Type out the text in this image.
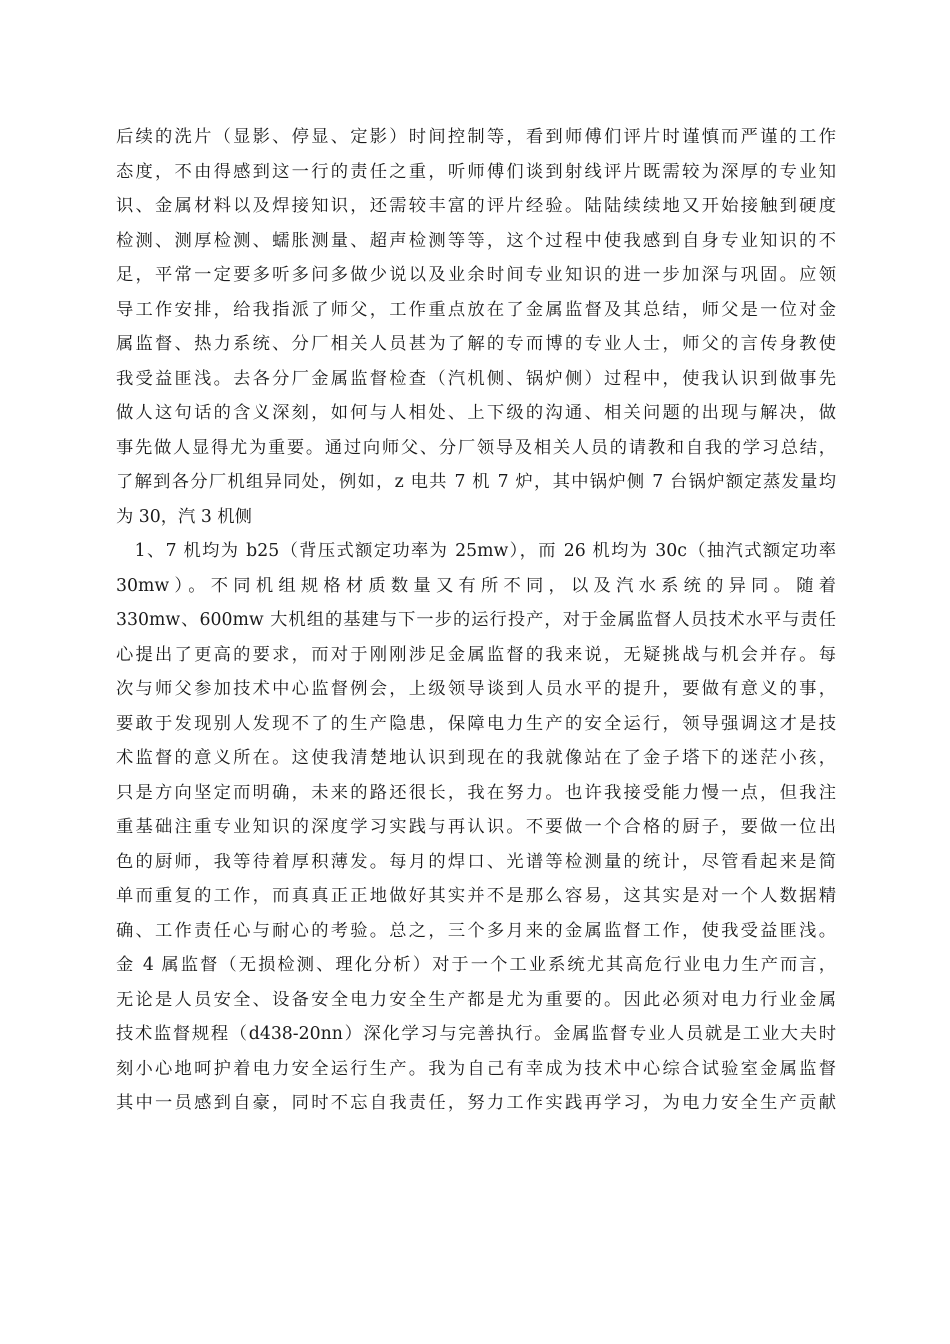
后续的洗片（显影、停显、定影）时间控制等，看到师傅们评片时谨慎而严谨的工作
态度，不由得感到这一行的责任之重，听师傅们谈到射线评片既需较为深厚的专业知
识、金属材料以及焊接知识，还需较丰富的评片经验。陆陆续续地又开始接触到硬度
检测、测厚检测、蠕胀测量、超声检测等等，这个过程中使我感到自身专业知识的不
足，平常一定要多听多问多做少说以及业余时间专业知识的进一步加深与巩固。应领
导工作安排，给我指派了师父，工作重点放在了金属监督及其总结，师父是一位对金
属监督、热力系统、分厂相关人员甚为了解的专而博的专业人士，师父的言传身教使
我受益匪浅。去各分厂金属监督检查（汽机侧、锅炉侧）过程中，使我认识到做事先
做人这句话的含义深刻，如何与人相处、上下级的沟通、相关问题的出现与解决，做
事先做人显得尤为重要。通过向师父、分厂领导及相关人员的请教和自我的学习总结，
了解到各分厂机组异同处，例如，z 电共 7 机 7 炉，其中锅炉侧 7 台锅炉额定蒸发量均
为 30，汽 3 机侧
　1、7 机均为 b25（背压式额定功率为 25mw），而 26 机均为 30c（抽汽式额定功率
30mw）。不同机组规格材质数量又有所不同，以及汽水系统的异同。随着
330mw、600mw 大机组的基建与下一步的运行投产，对于金属监督人员技术水平与责任
心提出了更高的要求，而对于刚刚涉足金属监督的我来说，无疑挑战与机会并存。每
次与师父参加技术中心监督例会，上级领导谈到人员水平的提升，要做有意义的事，
要敢于发现别人发现不了的生产隐患，保障电力生产的安全运行，领导强调这才是技
术监督的意义所在。这使我清楚地认识到现在的我就像站在了金子塔下的迷茫小孩，
只是方向坚定而明确，未来的路还很长，我在努力。也许我接受能力慢一点，但我注
重基础注重专业知识的深度学习实践与再认识。不要做一个合格的厨子，要做一位出
色的厨师，我等待着厚积薄发。每月的焊口、光谱等检测量的统计，尽管看起来是简
单而重复的工作，而真真正正地做好其实并不是那么容易，这其实是对一个人数据精
确、工作责任心与耐心的考验。总之，三个多月来的金属监督工作，使我受益匪浅。
金 4 属监督（无损检测、理化分析）对于一个工业系统尤其高危行业电力生产而言，
无论是人员安全、设备安全电力安全生产都是尤为重要的。因此必须对电力行业金属
技术监督规程（d438-20nn）深化学习与完善执行。金属监督专业人员就是工业大夫时
刻小心地呵护着电力安全运行生产。我为自己有幸成为技术中心综合试验室金属监督
其中一员感到自豪，同时不忘自我责任，努力工作实践再学习，为电力安全生产贡献
